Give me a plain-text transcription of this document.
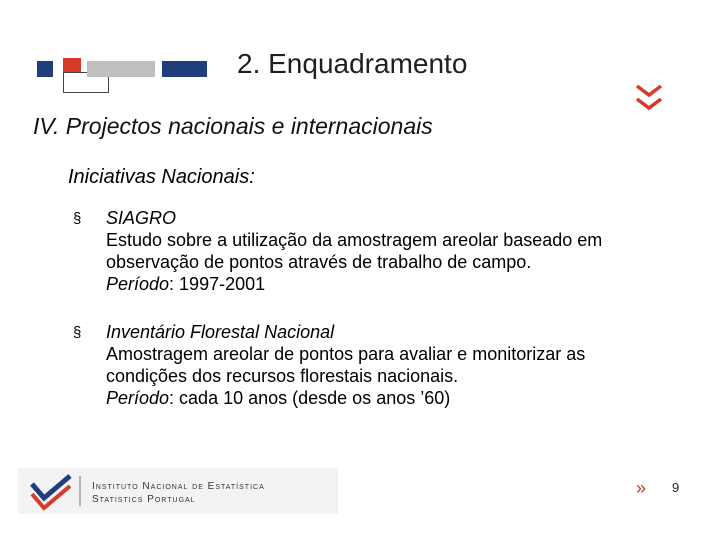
2. Enquadramento
IV. Projectos nacionais e internacionais
Iniciativas Nacionais:
§ SIAGRO
Estudo sobre a utilização da amostragem areolar baseado em
observação de pontos através de trabalho de campo.
Período: 1997-2001
§ Inventário Florestal Nacional
Amostragem areolar de pontos para avaliar e monitorizar as
condições dos recursos florestais nacionais.
Período: cada 10 anos (desde os anos ’60)
Instituto Nacional de Estatística
Statistics Portugal
» 9
